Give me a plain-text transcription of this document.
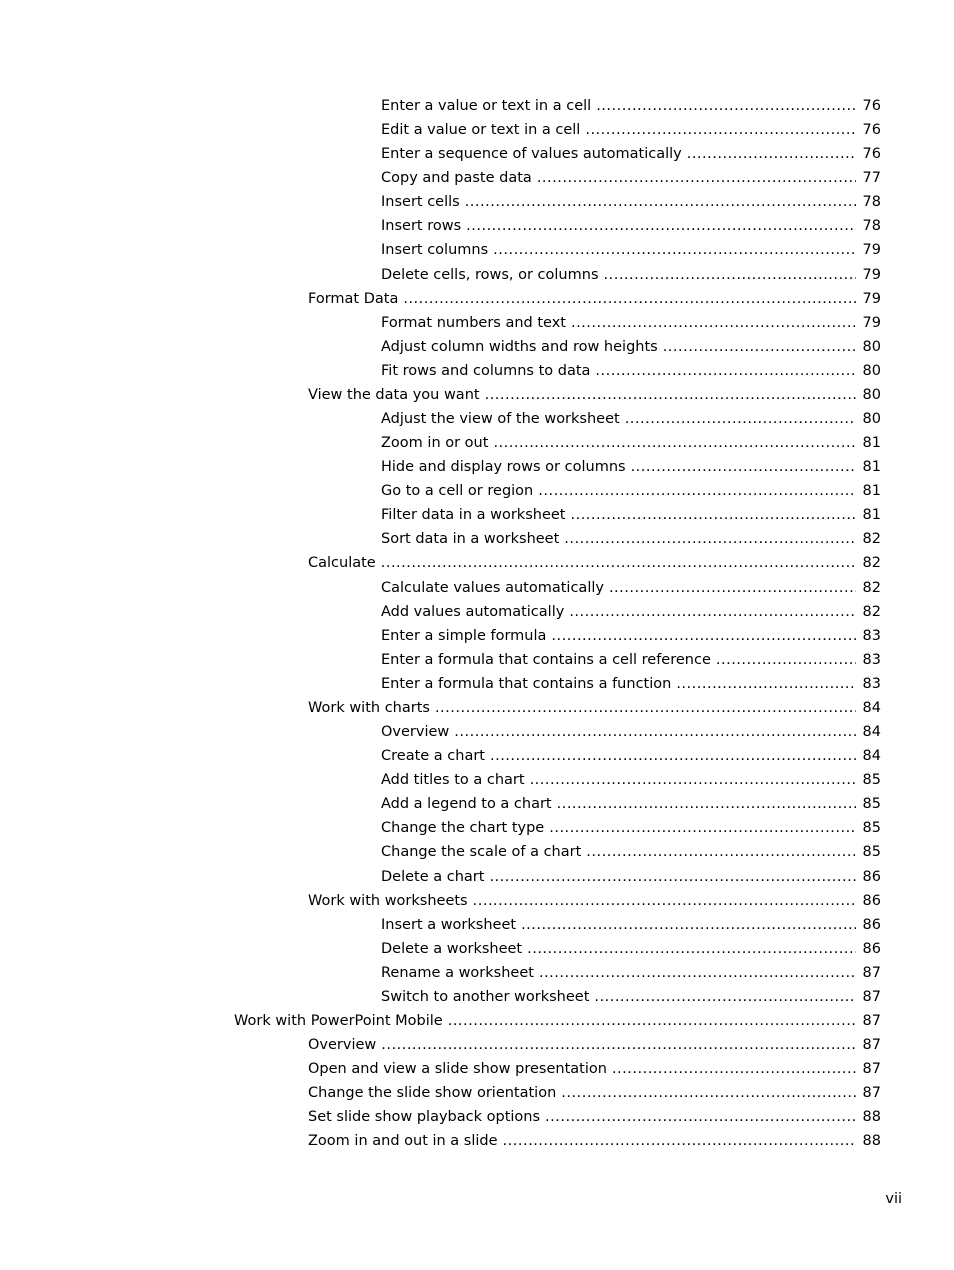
Enter a value or text in a cell .....	76
Edit a value or text in a cell .....	76
Enter a sequence of values automatically .....	76
Copy and paste data .....	77
Insert cells .....	78
Insert rows .....	78
Insert columns .....	79
Delete cells, rows, or columns .....	79
Format Data .....	79
Format numbers and text .....	79
Adjust column widths and row heights .....	80
Fit rows and columns to data .....	80
View the data you want .....	80
Adjust the view of the worksheet .....	80
Zoom in or out .....	81
Hide and display rows or columns .....	81
Go to a cell or region .....	81
Filter data in a worksheet .....	81
Sort data in a worksheet .....	82
Calculate .....	82
Calculate values automatically .....	82
Add values automatically .....	82
Enter a simple formula .....	83
Enter a formula that contains a cell reference .....	83
Enter a formula that contains a function .....	83
Work with charts .....	84
Overview .....	84
Create a chart .....	84
Add titles to a chart .....	85
Add a legend to a chart .....	85
Change the chart type .....	85
Change the scale of a chart .....	85
Delete a chart .....	86
Work with worksheets .....	86
Insert a worksheet .....	86
Delete a worksheet .....	86
Rename a worksheet .....	87
Switch to another worksheet .....	87
Work with PowerPoint Mobile .....	87
Overview .....	87
Open and view a slide show presentation .....	87
Change the slide show orientation .....	87
Set slide show playback options .....	88
Zoom in and out in a slide .....	88
vii
